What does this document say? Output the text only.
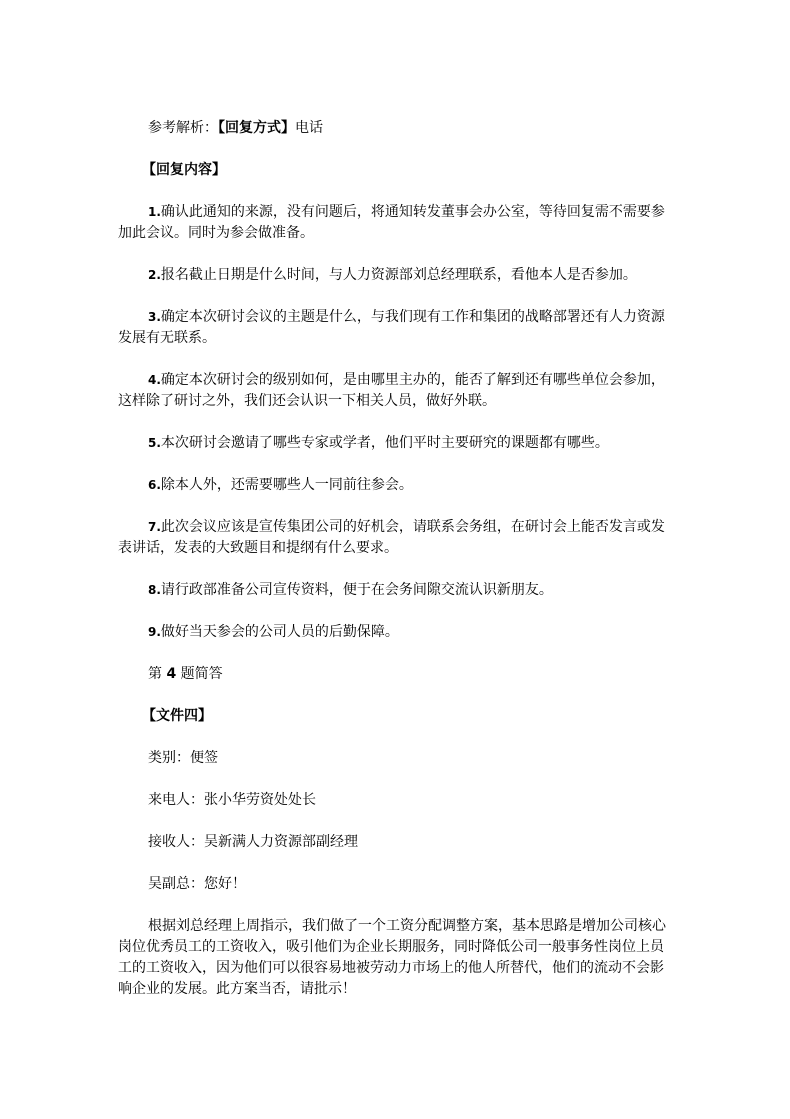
参考解析：【回复方式】电话

【回复内容】

1.确认此通知的来源，没有问题后，将通知转发董事会办公室，等待回复需不需要参加此会议。同时为参会做准备。

2.报名截止日期是什么时间，与人力资源部刘总经理联系，看他本人是否参加。

3.确定本次研讨会议的主题是什么，与我们现有工作和集团的战略部署还有人力资源发展有无联系。

4.确定本次研讨会的级别如何，是由哪里主办的，能否了解到还有哪些单位会参加，这样除了研讨之外，我们还会认识一下相关人员，做好外联。

5.本次研讨会邀请了哪些专家或学者，他们平时主要研究的课题都有哪些。

6.除本人外，还需要哪些人一同前往参会。

7.此次会议应该是宣传集团公司的好机会，请联系会务组，在研讨会上能否发言或发表讲话，发表的大致题目和提纲有什么要求。

8.请行政部准备公司宣传资料，便于在会务间隙交流认识新朋友。

9.做好当天参会的公司人员的后勤保障。

第 4 题简答

【文件四】

类别：便签

来电人：张小华劳资处处长

接收人：吴新满人力资源部副经理

吴副总：您好！

根据刘总经理上周指示，我们做了一个工资分配调整方案，基本思路是增加公司核心岗位优秀员工的工资收入，吸引他们为企业长期服务，同时降低公司一般事务性岗位上员工的工资收入，因为他们可以很容易地被劳动力市场上的他人所替代，他们的流动不会影响企业的发展。此方案当否，请批示！
